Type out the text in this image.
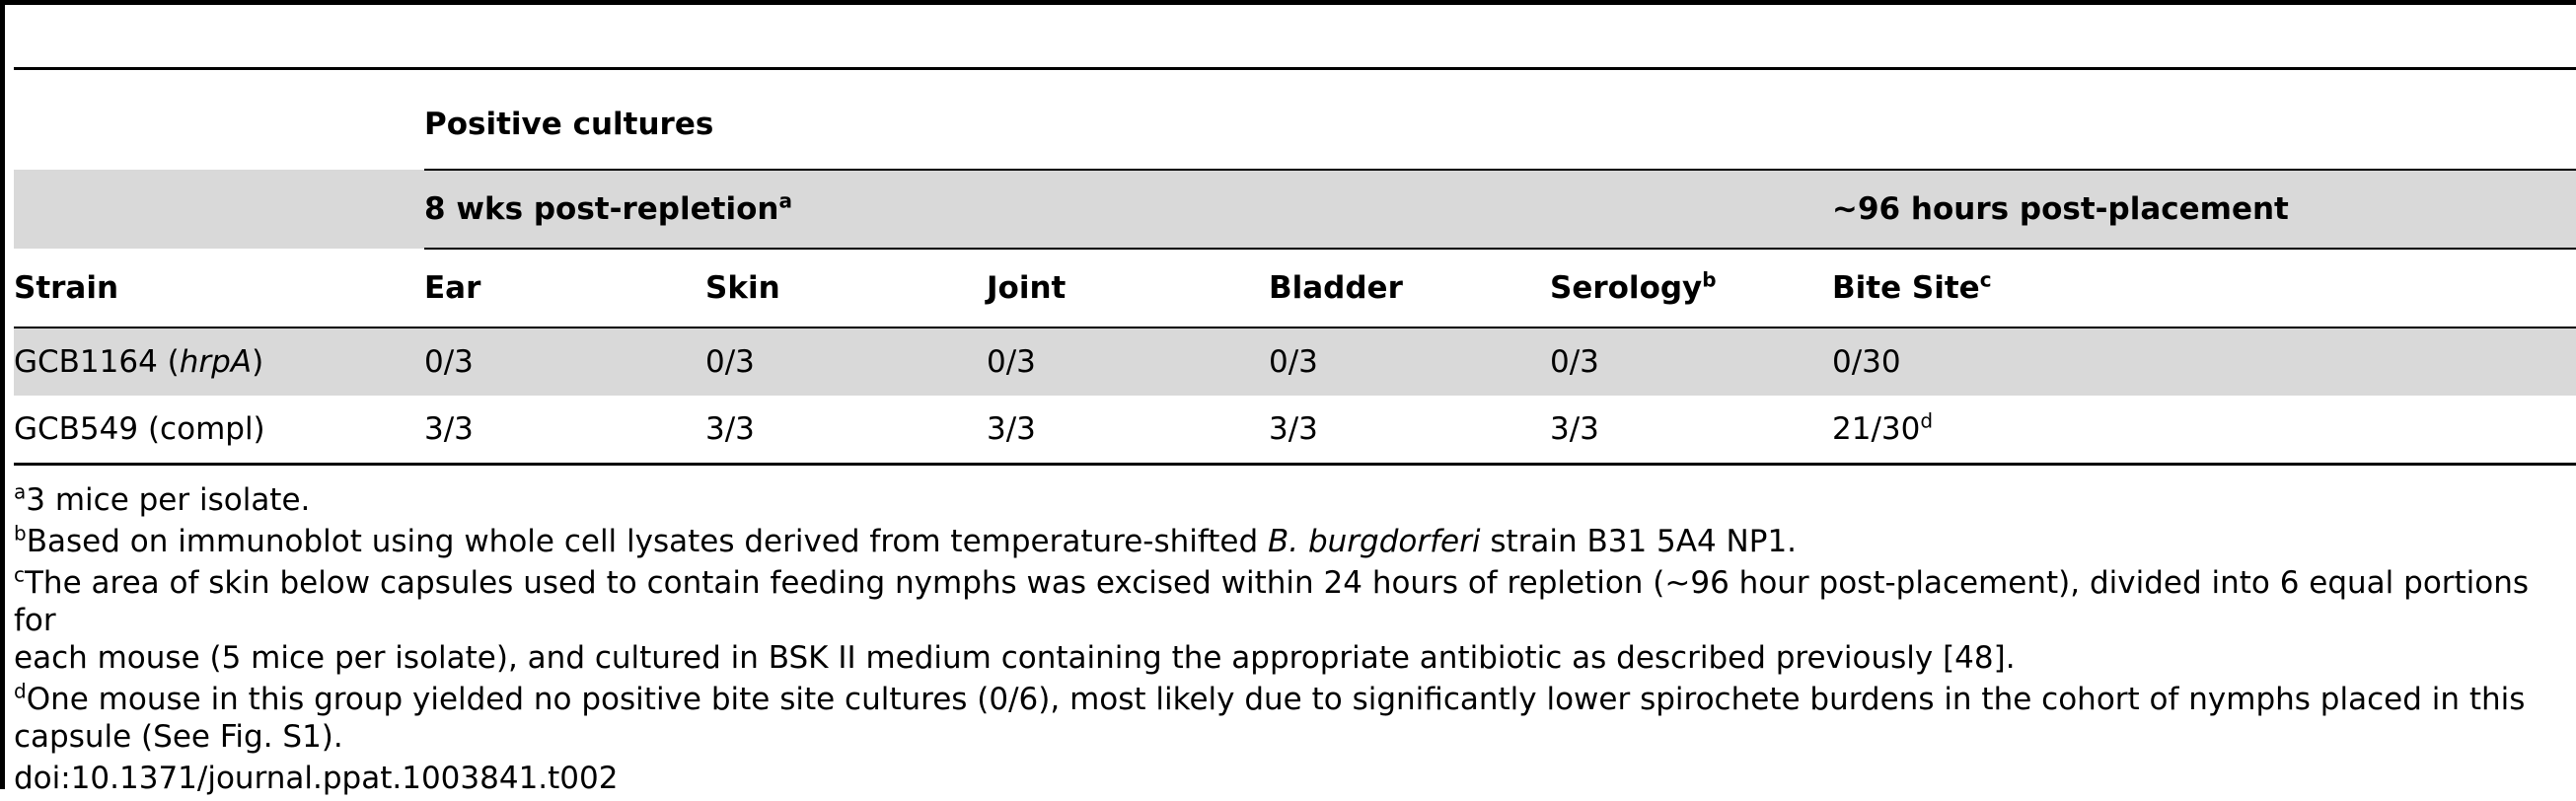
	Positive cultures					
	8 wks post-repletion$^a$					∼96 hours post-placement
Strain	Ear	Skin	Joint	Bladder	Serology$^b$	Bite Site$^c$
GCB1164 (hrpA)	0/3	0/3	0/3	0/3	0/3	0/30
GCB549 (compl)	3/3	3/3	3/3	3/3	3/3	21/30$^d$

$^a$3 mice per isolate.

$^b$Based on immunoblot using whole cell lysates derived from temperature-shifted B. burgdorferi strain B31 5A4 NP1.

$^c$The area of skin below capsules used to contain feeding nymphs was excised within 24 hours of repletion (∼96 hour post-placement), divided into 6 equal portions for
each mouse (5 mice per isolate), and cultured in BSK II medium containing the appropriate antibiotic as described previously [48].

$^d$One mouse in this group yielded no positive bite site cultures (0/6), most likely due to significantly lower spirochete burdens in the cohort of nymphs placed in this
capsule (See Fig. S1).

doi:10.1371/journal.ppat.1003841.t002
